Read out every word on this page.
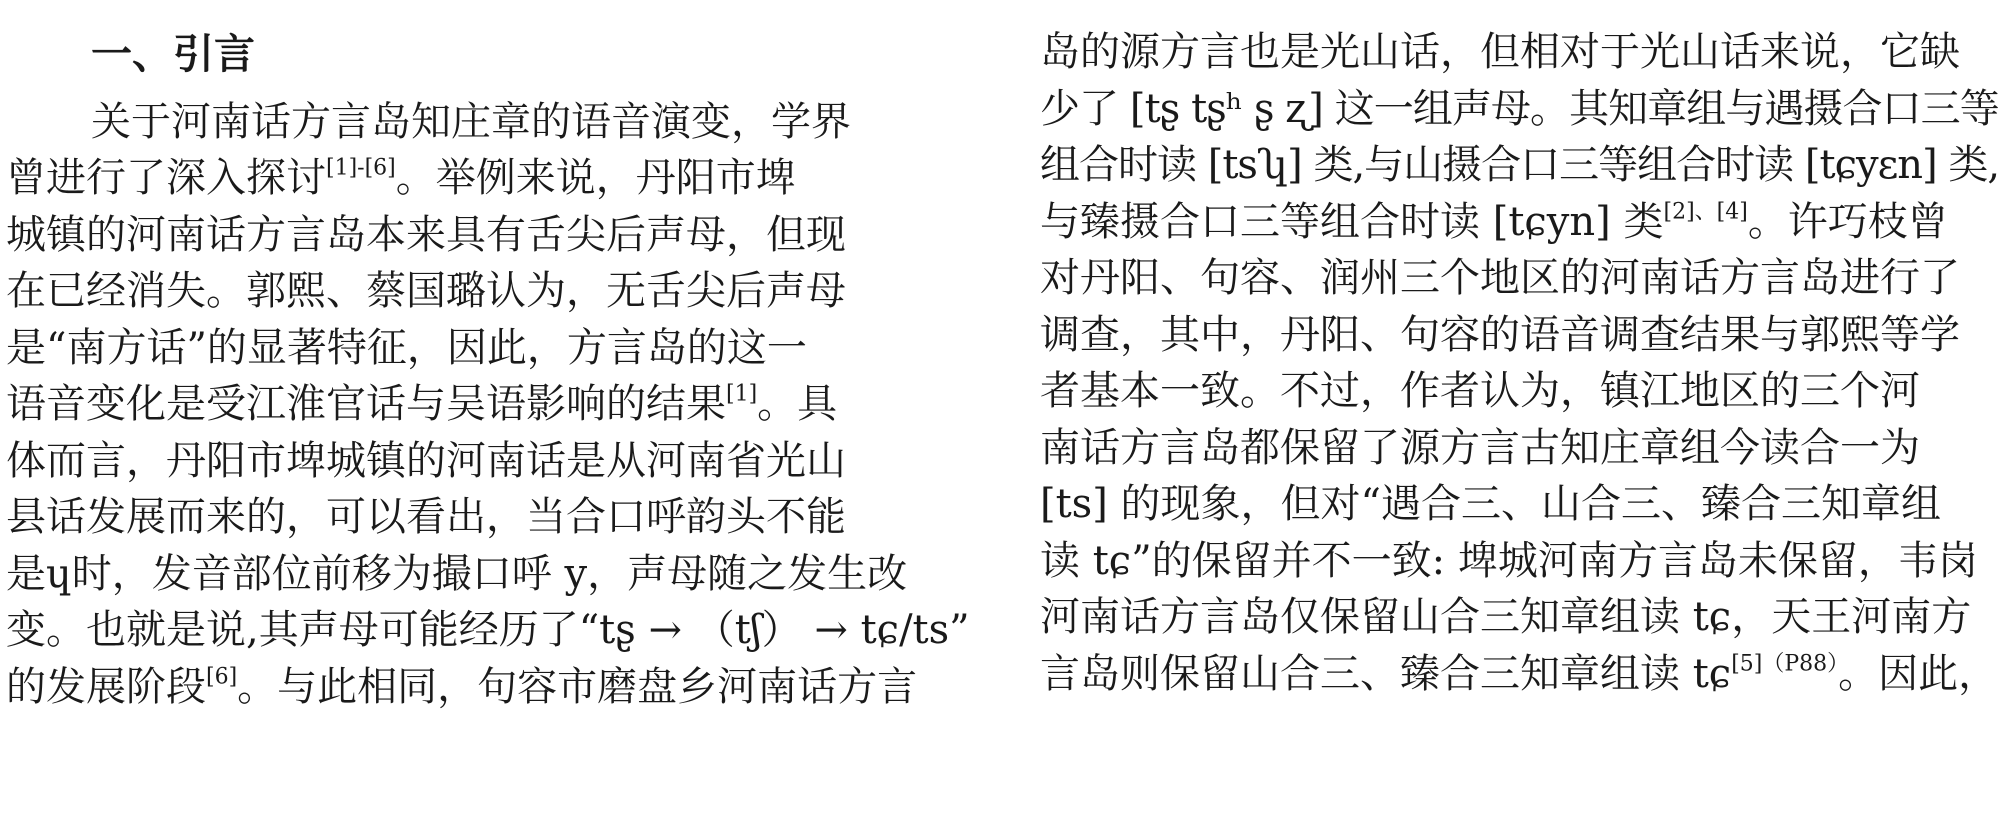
一、引言
关于河南话方言岛知庄章的语音演变，学界
曾进行了深入探讨[1]-[6]。举例来说，丹阳市埤
城镇的河南话方言岛本来具有舌尖后声母，但现
在已经消失。郭熙、蔡国璐认为，无舌尖后声母
是“南方话”的显著特征，因此，方言岛的这一
语音变化是受江淮官话与吴语影响的结果[1]。具
体而言，丹阳市埤城镇的河南话是从河南省光山
县话发展而来的，可以看出，当合口呼韵头不能
是ɥ时，发音部位前移为撮口呼 y，声母随之发生改
变。也就是说,其声母可能经历了“tʂ → （tʃ） → tɕ/ts”
的发展阶段[6]。与此相同，句容市磨盘乡河南话方言
岛的源方言也是光山话，但相对于光山话来说，它缺
少了 [tʂ tʂʰ ʂ ʐ] 这一组声母。其知章组与遇摄合口三等
组合时读 [tsʮ] 类,与山摄合口三等组合时读 [tɕyɛn] 类,
与臻摄合口三等组合时读 [tɕyn] 类[2]、[4]。许巧枝曾
对丹阳、句容、润州三个地区的河南话方言岛进行了
调查，其中，丹阳、句容的语音调查结果与郭熙等学
者基本一致。不过，作者认为，镇江地区的三个河
南话方言岛都保留了源方言古知庄章组今读合一为
[ts] 的现象，但对“遇合三、山合三、臻合三知章组
读 tɕ”的保留并不一致: 埤城河南方言岛未保留，韦岗
河南话方言岛仅保留山合三知章组读 tɕ，天王河南方
言岛则保留山合三、臻合三知章组读 tɕ$^{[5](P88)}$。因此，
